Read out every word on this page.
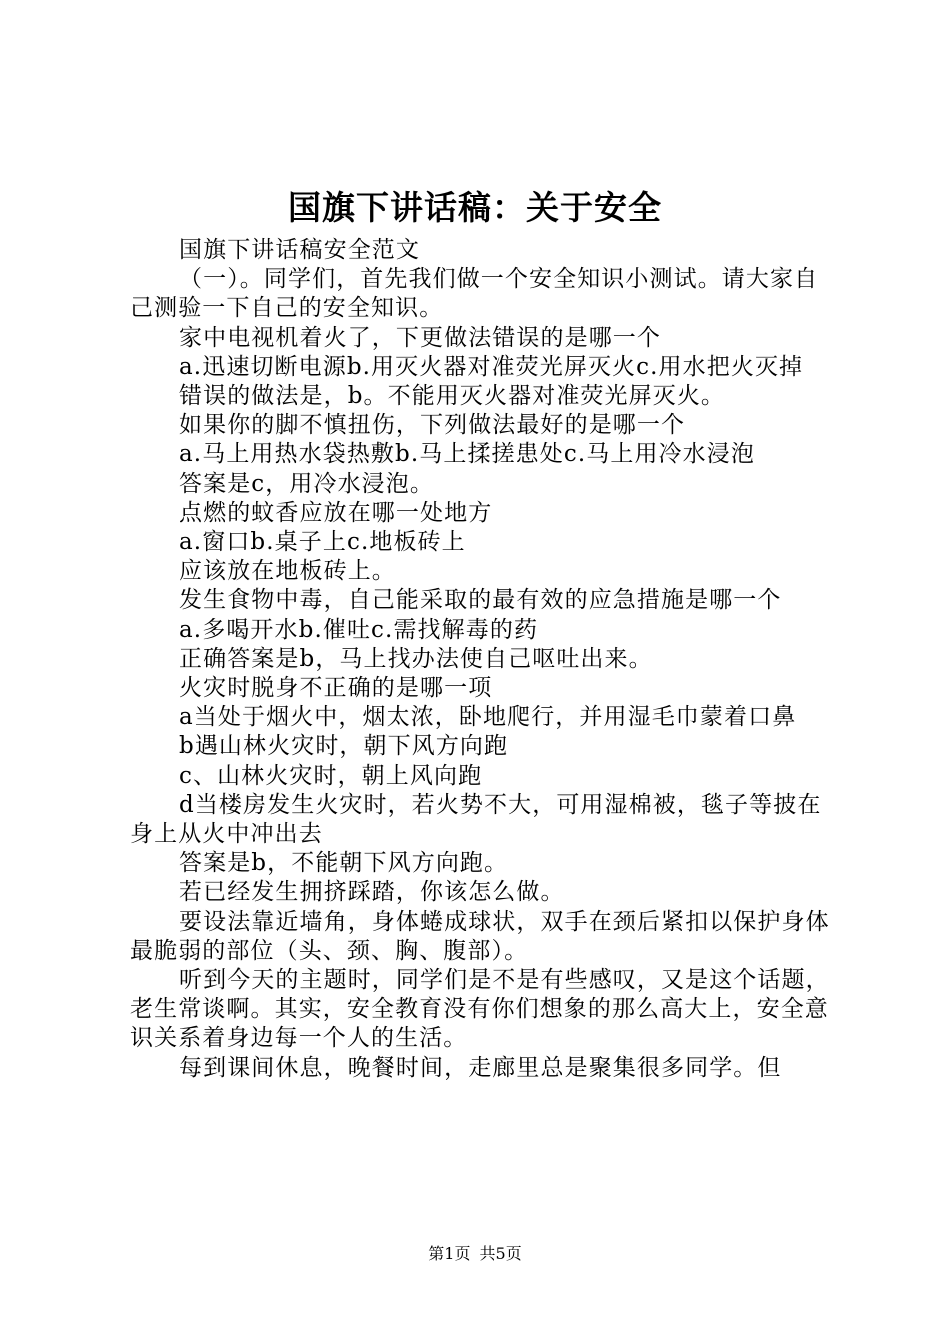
国旗下讲话稿：关于安全

国旗下讲话稿安全范文

（一）。同学们，首先我们做一个安全知识小测试。请大家自己测验一下自己的安全知识。

家中电视机着火了，下更做法错误的是哪一个

a.迅速切断电源b.用灭火器对准荧光屏灭火c.用水把火灭掉

错误的做法是，b。不能用灭火器对准荧光屏灭火。

如果你的脚不慎扭伤，下列做法最好的是哪一个

a.马上用热水袋热敷b.马上揉搓患处c.马上用冷水浸泡

答案是c，用冷水浸泡。

点燃的蚊香应放在哪一处地方

a.窗口b.桌子上c.地板砖上

应该放在地板砖上。

发生食物中毒，自己能采取的最有效的应急措施是哪一个

a.多喝开水b.催吐c.需找解毒的药

正确答案是b，马上找办法使自己呕吐出来。

火灾时脱身不正确的是哪一项

a当处于烟火中，烟太浓，卧地爬行，并用湿毛巾蒙着口鼻

b遇山林火灾时，朝下风方向跑

c、山林火灾时，朝上风向跑

d当楼房发生火灾时，若火势不大，可用湿棉被，毯子等披在身上从火中冲出去

答案是b，不能朝下风方向跑。

若已经发生拥挤踩踏，你该怎么做。

要设法靠近墙角，身体蜷成球状，双手在颈后紧扣以保护身体最脆弱的部位（头、颈、胸、腹部）。

听到今天的主题时，同学们是不是有些感叹，又是这个话题，老生常谈啊。其实，安全教育没有你们想象的那么高大上，安全意识关系着身边每一个人的生活。

每到课间休息，晚餐时间，走廊里总是聚集很多同学。但

第1页 共5页
